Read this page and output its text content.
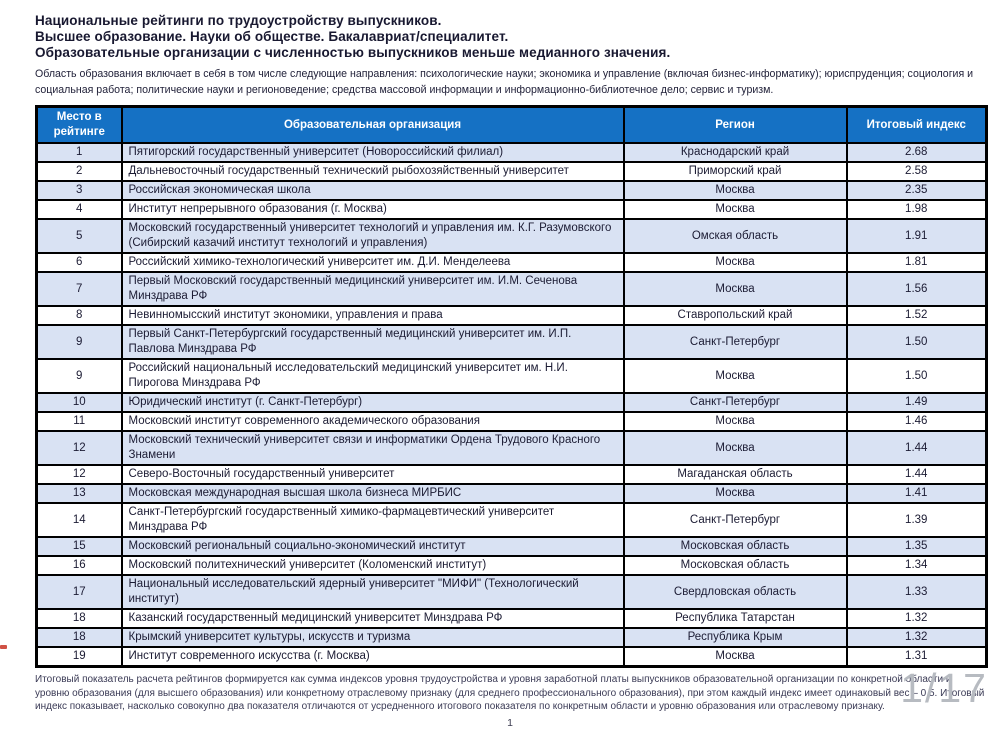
Национальные рейтинги по трудоустройству выпускников.
Высшее образование. Науки об обществе. Бакалавриат/специалитет.
Образовательные организации с численностью выпускников меньше медианного значения.
Область образования включает в себя в том числе следующие направления: психологические науки; экономика и управление (включая бизнес-информатику); юриспруденция; социология и социальная работа; политические науки и регионоведение; средства массовой информации и информационно-библиотечное дело; сервис и туризм.
Место в рейтинге	Образовательная организация	Регион	Итоговый индекс
1	Пятигорский государственный университет (Новороссийский филиал)	Краснодарский край	2.68
2	Дальневосточный государственный технический рыбохозяйственный университет	Приморский край	2.58
3	Российская экономическая школа	Москва	2.35
4	Институт непрерывного образования (г. Москва)	Москва	1.98
5	Московский государственный университет технологий и управления им. К.Г. Разумовского (Сибирский казачий институт технологий и управления)	Омская область	1.91
6	Российский химико-технологический университет им. Д.И. Менделеева	Москва	1.81
7	Первый Московский государственный медицинский университет им. И.М. Сеченова Минздрава РФ	Москва	1.56
8	Невинномысский институт экономики, управления и права	Ставропольский край	1.52
9	Первый Санкт-Петербургский государственный медицинский университет им. И.П. Павлова Минздрава РФ	Санкт-Петербург	1.50
9	Российский национальный исследовательский медицинский университет им. Н.И. Пирогова Минздрава РФ	Москва	1.50
10	Юридический институт (г. Санкт-Петербург)	Санкт-Петербург	1.49
11	Московский институт современного академического образования	Москва	1.46
12	Московский технический университет связи и информатики Ордена Трудового Красного Знамени	Москва	1.44
12	Северо-Восточный государственный университет	Магаданская область	1.44
13	Московская международная высшая школа бизнеса МИРБИС	Москва	1.41
14	Санкт-Петербургский государственный химико-фармацевтический университет Минздрава РФ	Санкт-Петербург	1.39
15	Московский региональный социально-экономический институт	Московская область	1.35
16	Московский политехнический университет (Коломенский институт)	Московская область	1.34
17	Национальный исследовательский ядерный университет "МИФИ" (Технологический институт)	Свердловская область	1.33
18	Казанский государственный медицинский университет Минздрава РФ	Республика Татарстан	1.32
18	Крымский университет культуры, искусств и туризма	Республика Крым	1.32
19	Институт современного искусства (г. Москва)	Москва	1.31
Итоговый показатель расчета рейтингов формируется как сумма индексов уровня трудоустройства и уровня заработной платы выпускников образовательной организации по конкретной области и уровню образования (для высшего образования) или конкретному отраслевому признаку (для среднего профессионального образования), при этом каждый индекс имеет одинаковый вес – 0,5. Итоговый индекс показывает, насколько совокупно два показателя отличаются от усредненного итогового показателя по конкретным области и уровню образования или отраслевому признаку.
1
1/17
